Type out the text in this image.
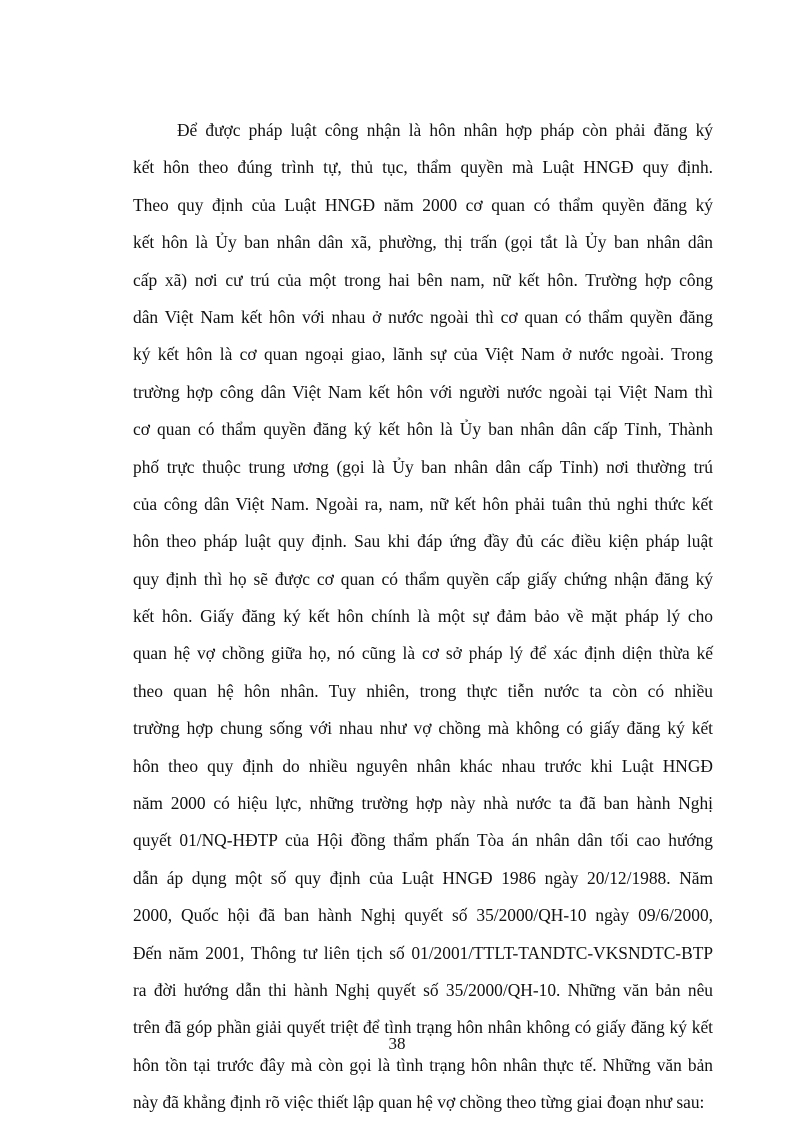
Để được pháp luật công nhận là hôn nhân hợp pháp còn phải đăng ký
kết hôn theo đúng trình tự, thủ tục, thẩm quyền mà Luật HNGĐ quy định.
Theo quy định của Luật HNGĐ năm 2000 cơ quan có thẩm quyền đăng ký
kết hôn là Ủy ban nhân dân xã, phường, thị trấn (gọi tắt là Ủy ban nhân dân
cấp xã) nơi cư trú của một trong hai bên nam, nữ kết hôn. Trường hợp công
dân Việt Nam kết hôn với nhau ở nước ngoài thì cơ quan có thẩm quyền đăng
ký kết hôn là cơ quan ngoại giao, lãnh sự của Việt Nam ở nước ngoài. Trong
trường hợp công dân Việt Nam kết hôn với người nước ngoài tại Việt Nam thì
cơ quan có thẩm quyền đăng ký kết hôn là Ủy ban nhân dân cấp Tỉnh, Thành
phố trực thuộc trung ương (gọi là Ủy ban nhân dân cấp Tỉnh) nơi thường trú
của công dân Việt Nam. Ngoài ra, nam, nữ kết hôn phải tuân thủ nghi thức kết
hôn theo pháp luật quy định. Sau khi đáp ứng đầy đủ các điều kiện pháp luật
quy định thì họ sẽ được cơ quan có thẩm quyền cấp giấy chứng nhận đăng ký
kết hôn. Giấy đăng ký kết hôn chính là một sự đảm bảo về mặt pháp lý cho
quan hệ vợ chồng giữa họ, nó cũng là cơ sở pháp lý để xác định diện thừa kế
theo quan hệ hôn nhân. Tuy nhiên, trong thực tiễn nước ta còn có nhiều
trường hợp chung sống với nhau như vợ chồng mà không có giấy đăng ký kết
hôn theo quy định do nhiều nguyên nhân khác nhau trước khi Luật HNGĐ
năm 2000 có hiệu lực, những trường hợp này nhà nước ta đã ban hành Nghị
quyết 01/NQ-HĐTP của Hội đồng thẩm phấn Tòa án nhân dân tối cao hướng
dẫn áp dụng một số quy định của Luật HNGĐ 1986 ngày 20/12/1988. Năm
2000, Quốc hội đã ban hành Nghị quyết số 35/2000/QH-10 ngày 09/6/2000,
Đến năm 2001, Thông tư liên tịch số 01/2001/TTLT-TANDTC-VKSNDTC-BTP
ra đời hướng dẫn thi hành Nghị quyết số 35/2000/QH-10. Những văn bản nêu
trên đã góp phần giải quyết triệt để tình trạng hôn nhân không có giấy đăng ký kết
hôn tồn tại trước đây mà còn gọi là tình trạng hôn nhân thực tế. Những văn bản
này đã khẳng định rõ việc thiết lập quan hệ vợ chồng theo từng giai đoạn như sau:
38
